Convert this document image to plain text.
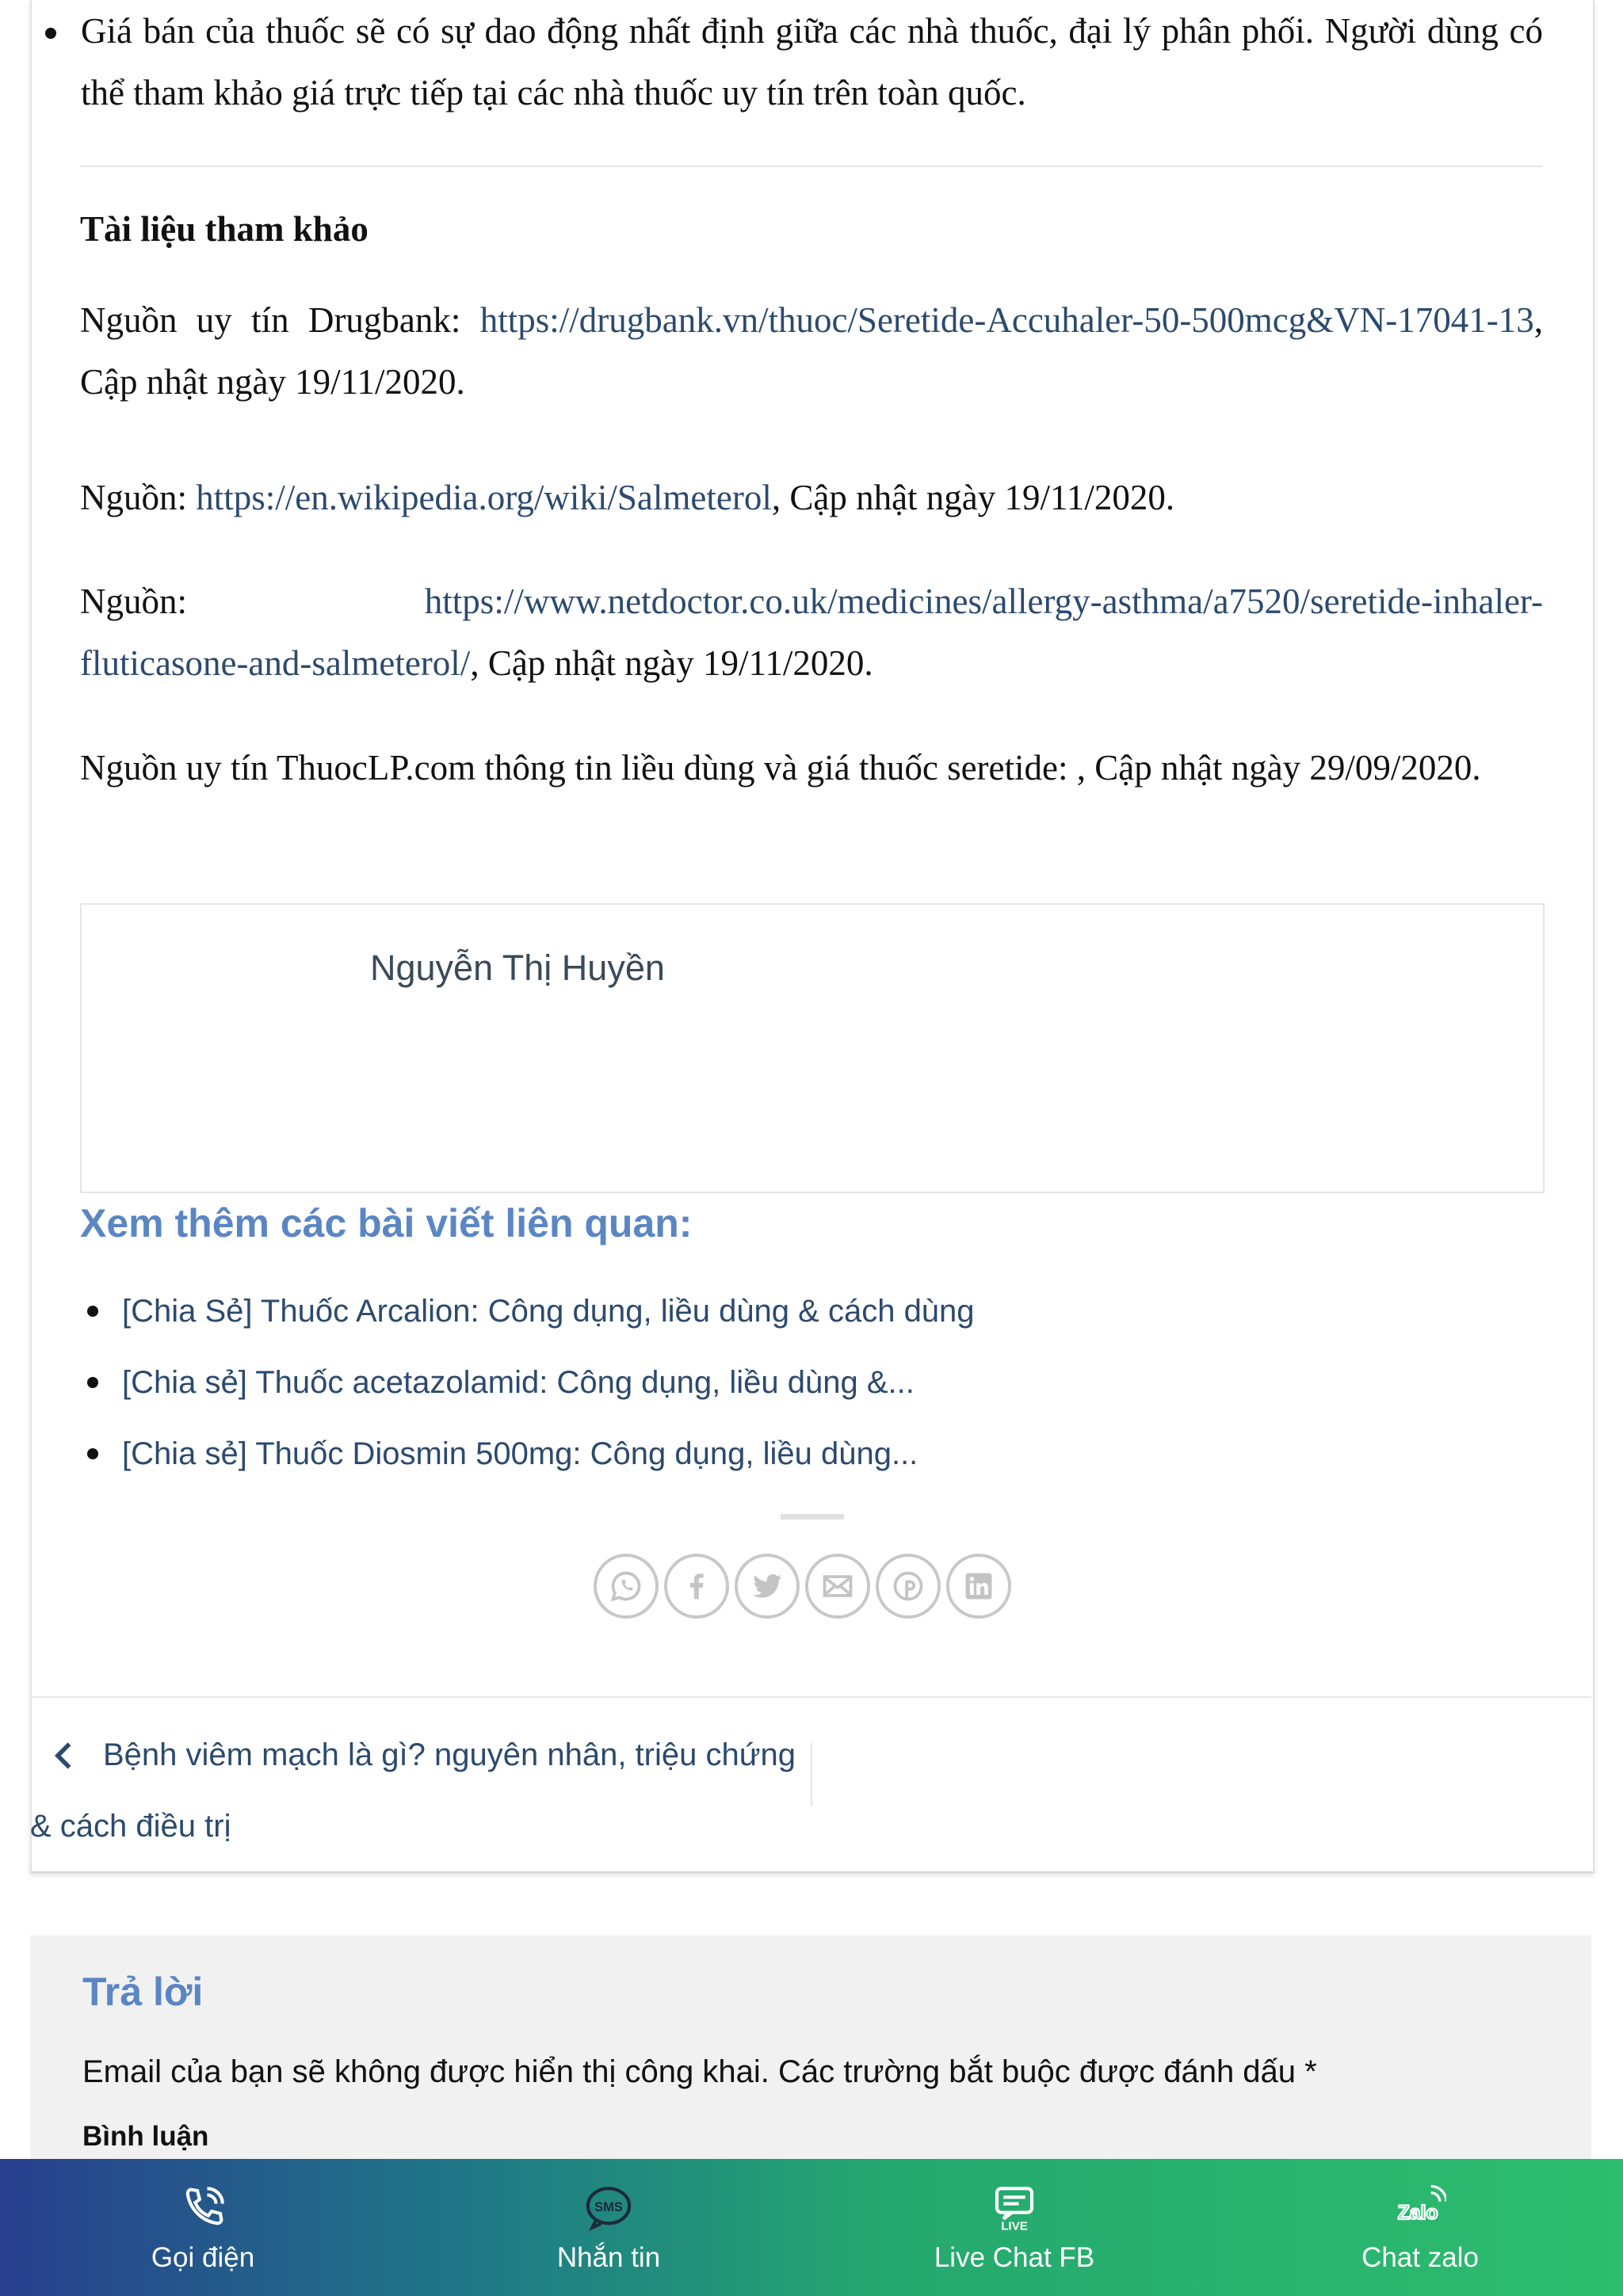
Giá bán của thuốc sẽ có sự dao động nhất định giữa các nhà thuốc, đại lý phân phối. Người dùng có thể tham khảo giá trực tiếp tại các nhà thuốc uy tín trên toàn quốc.
Tài liệu tham khảo
Nguồn uy tín Drugbank: https://drugbank.vn/thuoc/Seretide-Accuhaler-50-500mcg&VN-17041-13, Cập nhật ngày 19/11/2020.
Nguồn: https://en.wikipedia.org/wiki/Salmeterol, Cập nhật ngày 19/11/2020.
Nguồn:	https://www.netdoctor.co.uk/medicines/allergy-asthma/a7520/seretide-inhaler-fluticasone-and-salmeterol/, Cập nhật ngày 19/11/2020.
Nguồn uy tín ThuocLP.com thông tin liều dùng và giá thuốc seretide: , Cập nhật ngày 29/09/2020.
Nguyễn Thị Huyền
Xem thêm các bài viết liên quan:
[Chia Sẻ] Thuốc Arcalion: Công dụng, liều dùng & cách dùng
[Chia sẻ] Thuốc acetazolamid: Công dụng, liều dùng &...
[Chia sẻ] Thuốc Diosmin 500mg: Công dụng, liều dùng...
Bệnh viêm mạch là gì? nguyên nhân, triệu chứng & cách điều trị
Trả lời
Email của bạn sẽ không được hiển thị công khai. Các trường bắt buộc được đánh dấu *
Bình luận
Gọi điện
SMS
Nhắn tin
LIVE
Live Chat FB
Zalo
Chat zalo
